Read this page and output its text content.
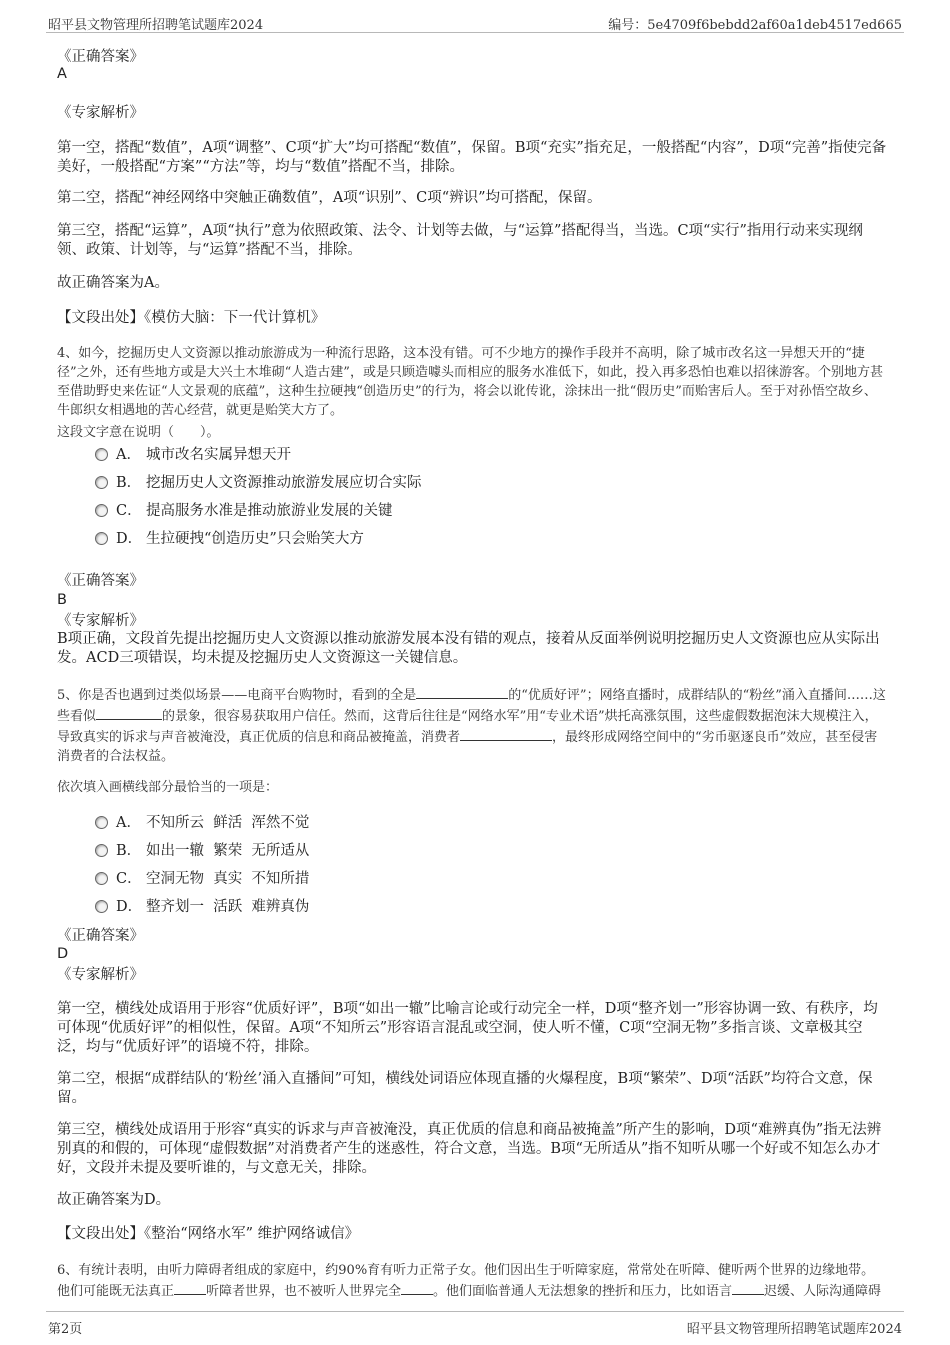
昭平县文物管理所招聘笔试题库2024	编号：5e4709f6bebdd2af60a1deb4517ed665
《正确答案》
A
《专家解析》
第一空，搭配“数值”，A项“调整”、C项“扩大”均可搭配“数值”，保留。B项“充实”指充足，一般搭配“内容”，D项“完善”指使完备美好，一般搭配“方案”“方法”等，均与“数值”搭配不当，排除。
第二空，搭配“神经网络中突触正确数值”，A项“识别”、C项“辨识”均可搭配，保留。
第三空，搭配“运算”，A项“执行”意为依照政策、法令、计划等去做，与“运算”搭配得当，当选。C项“实行”指用行动来实现纲领、政策、计划等，与“运算”搭配不当，排除。
故正确答案为A。
【文段出处】《模仿大脑：下一代计算机》
4、如今，挖掘历史人文资源以推动旅游成为一种流行思路，这本没有错。可不少地方的操作手段并不高明，除了城市改名这一异想天开的“捷径”之外，还有些地方或是大兴土木堆砌“人造古建”，或是只顾造噱头而相应的服务水准低下，如此，投入再多恐怕也难以招徕游客。个别地方甚至借助野史来佐证“人文景观的底蕴”，这种生拉硬拽“创造历史”的行为，将会以讹传讹，涂抹出一批“假历史”而贻害后人。至于对孙悟空故乡、牛郎织女相遇地的苦心经营，就更是贻笑大方了。
这段文字意在说明（　　）。
A． 城市改名实属异想天开
B． 挖掘历史人文资源推动旅游发展应切合实际
C． 提高服务水准是推动旅游业发展的关键
D． 生拉硬拽“创造历史”只会贻笑大方
《正确答案》
B
《专家解析》
B项正确，文段首先提出挖掘历史人文资源以推动旅游发展本没有错的观点，接着从反面举例说明挖掘历史人文资源也应从实际出发。ACD三项错误，均未提及挖掘历史人文资源这一关键信息。
5、你是否也遇到过类似场景——电商平台购物时，看到的全是	的“优质好评”；网络直播时，成群结队的“粉丝”涌入直播间……这些看似	的景象，很容易获取用户信任。然而，这背后往往是“网络水军”用“专业术语”烘托高涨氛围，这些虚假数据泡沫大规模注入，导致真实的诉求与声音被淹没，真正优质的信息和商品被掩盖，消费者	，最终形成网络空间中的“劣币驱逐良币”效应，甚至侵害消费者的合法权益。
依次填入画横线部分最恰当的一项是：
A． 不知所云  鲜活  浑然不觉
B． 如出一辙  繁荣  无所适从
C． 空洞无物  真实  不知所措
D． 整齐划一  活跃  难辨真伪
《正确答案》
D
《专家解析》
第一空，横线处成语用于形容“优质好评”，B项“如出一辙”比喻言论或行动完全一样，D项“整齐划一”形容协调一致、有秩序，均可体现“优质好评”的相似性，保留。A项“不知所云”形容语言混乱或空洞，使人听不懂，C项“空洞无物”多指言谈、文章极其空泛，均与“优质好评”的语境不符，排除。
第二空，根据“成群结队的‘粉丝’涌入直播间”可知，横线处词语应体现直播的火爆程度，B项“繁荣”、D项“活跃”均符合文意，保留。
第三空，横线处成语用于形容“真实的诉求与声音被淹没，真正优质的信息和商品被掩盖”所产生的影响，D项“难辨真伪”指无法辨别真的和假的，可体现“虚假数据”对消费者产生的迷惑性，符合文意，当选。B项“无所适从”指不知听从哪一个好或不知怎么办才好，文段并未提及要听谁的，与文意无关，排除。
故正确答案为D。
【文段出处】《整治“网络水军” 维护网络诚信》
6、有统计表明，由听力障碍者组成的家庭中，约90%育有听力正常子女。他们因出生于听障家庭，常常处在听障、健听两个世界的边缘地带。
他们可能既无法真正 听障者世界，也不被听人世界完全 。他们面临普通人无法想象的挫折和压力，比如语言 迟缓、人际沟通障碍
第2页	昭平县文物管理所招聘笔试题库2024
